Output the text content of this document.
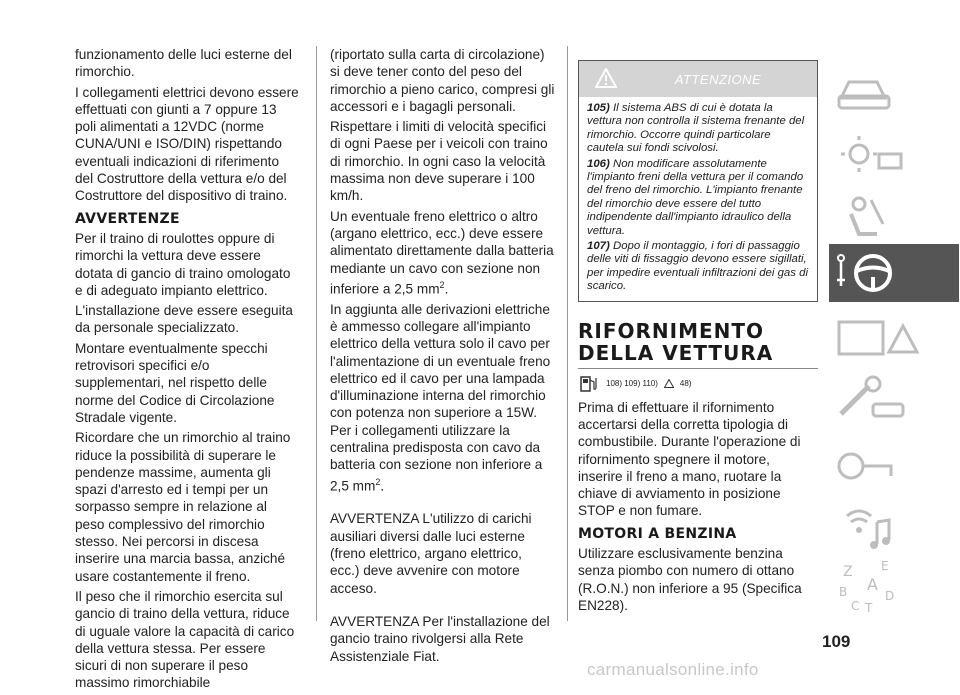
funzionamento delle luci esterne del rimorchio.

I collegamenti elettrici devono essere effettuati con giunti a 7 oppure 13 poli alimentati a 12VDC (norme CUNA/UNI e ISO/DIN) rispettando eventuali indicazioni di riferimento del Costruttore della vettura e/o del Costruttore del dispositivo di traino.

AVVERTENZE

Per il traino di roulottes oppure di rimorchi la vettura deve essere dotata di gancio di traino omologato e di adeguato impianto elettrico.

L'installazione deve essere eseguita da personale specializzato.

Montare eventualmente specchi retrovisori specifici e/o supplementari, nel rispetto delle norme del Codice di Circolazione Stradale vigente.

Ricordare che un rimorchio al traino riduce la possibilità di superare le pendenze massime, aumenta gli spazi d'arresto ed i tempi per un sorpasso sempre in relazione al peso complessivo del rimorchio stesso. Nei percorsi in discesa inserire una marcia bassa, anziché usare costantemente il freno.

Il peso che il rimorchio esercita sul gancio di traino della vettura, riduce di uguale valore la capacità di carico della vettura stessa. Per essere sicuri di non superare il peso massimo rimorchiabile

(riportato sulla carta di circolazione) si deve tener conto del peso del rimorchio a pieno carico, compresi gli accessori e i bagagli personali.

Rispettare i limiti di velocità specifici di ogni Paese per i veicoli con traino di rimorchio. In ogni caso la velocità massima non deve superare i 100 km/h.

Un eventuale freno elettrico o altro (argano elettrico, ecc.) deve essere alimentato direttamente dalla batteria mediante un cavo con sezione non inferiore a 2,5 $mm^2$.

In aggiunta alle derivazioni elettriche è ammesso collegare all'impianto elettrico della vettura solo il cavo per l'alimentazione di un eventuale freno elettrico ed il cavo per una lampada d'illuminazione interna del rimorchio con potenza non superiore a 15W. Per i collegamenti utilizzare la centralina predisposta con cavo da batteria con sezione non inferiore a 2,5 $mm^2$.

AVVERTENZA L'utilizzo di carichi ausiliari diversi dalle luci esterne (freno elettrico, argano elettrico, ecc.) deve avvenire con motore acceso.

AVVERTENZA Per l'installazione del gancio traino rivolgersi alla Rete Assistenziale Fiat.

ATTENZIONE

105) Il sistema ABS di cui è dotata la vettura non controlla il sistema frenante del rimorchio. Occorre quindi particolare cautela sui fondi scivolosi.

106) Non modificare assolutamente l'impianto freni della vettura per il comando del freno del rimorchio. L'impianto frenante del rimorchio deve essere del tutto indipendente dall'impianto idraulico della vettura.

107) Dopo il montaggio, i fori di passaggio delle viti di fissaggio devono essere sigillati, per impedire eventuali infiltrazioni dei gas di scarico.

RIFORNIMENTO
DELLA VETTURA
108) 109) 110)	48)

Prima di effettuare il rifornimento accertarsi della corretta tipologia di combustibile. Durante l'operazione di rifornimento spegnere il motore, inserire il freno a mano, ruotare la chiave di avviamento in posizione STOP e non fumare.

MOTORI A BENZINA

Utilizzare esclusivamente benzina senza piombo con numero di ottano (R.O.N.) non inferiore a 95 (Specifica EN228).

Z E
B A
C T
D
109
carmanualsonline.info
